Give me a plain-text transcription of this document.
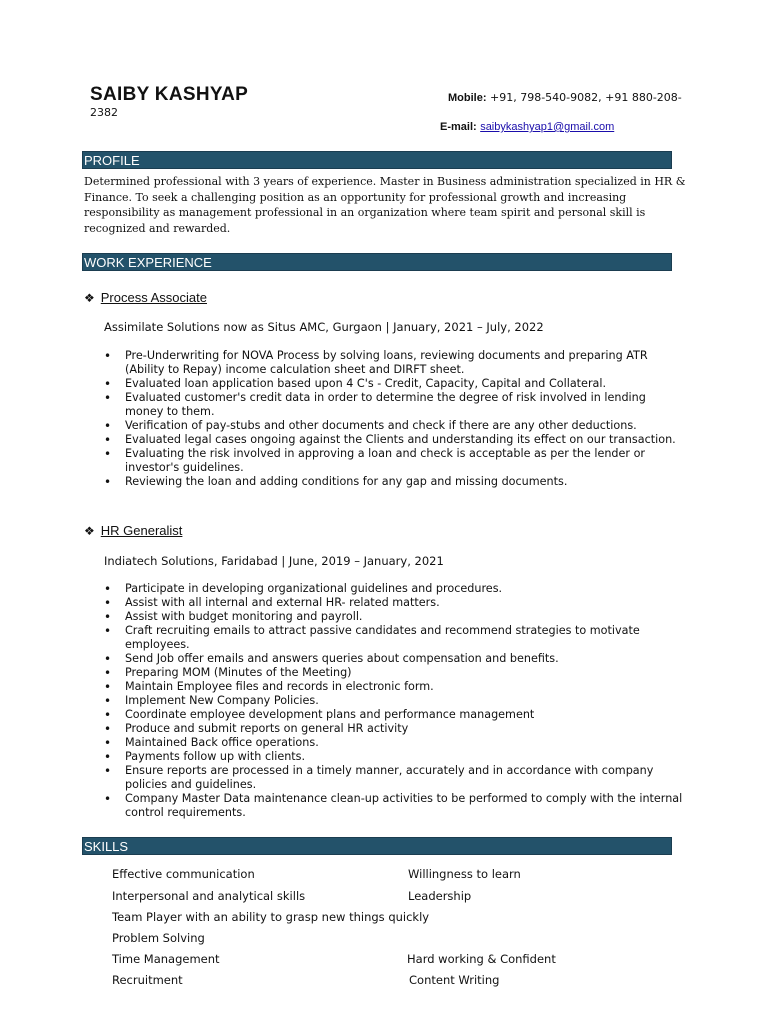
SAIBY KASHYAP	Mobile: +91, 798-540-9082, +91 880-208-
2382
E-mail: saibykashyap1@gmail.com
PROFILE
Determined professional with 3 years of experience. Master in Business administration specialized in HR & Finance. To seek a challenging position as an opportunity for professional growth and increasing responsibility as management professional in an organization where team spirit and personal skill is recognized and rewarded.
WORK EXPERIENCE
❖ Process Associate
Assimilate Solutions now as Situs AMC, Gurgaon | January, 2021 – July, 2022
• Pre-Underwriting for NOVA Process by solving loans, reviewing documents and preparing ATR (Ability to Repay) income calculation sheet and DIRFT sheet.
• Evaluated loan application based upon 4 C's - Credit, Capacity, Capital and Collateral.
• Evaluated customer's credit data in order to determine the degree of risk involved in lending money to them.
• Verification of pay-stubs and other documents and check if there are any other deductions.
• Evaluated legal cases ongoing against the Clients and understanding its effect on our transaction.
• Evaluating the risk involved in approving a loan and check is acceptable as per the lender or investor's guidelines.
• Reviewing the loan and adding conditions for any gap and missing documents.
❖ HR Generalist
Indiatech Solutions, Faridabad | June, 2019 – January, 2021
• Participate in developing organizational guidelines and procedures.
• Assist with all internal and external HR- related matters.
• Assist with budget monitoring and payroll.
• Craft recruiting emails to attract passive candidates and recommend strategies to motivate employees.
• Send Job offer emails and answers queries about compensation and benefits.
• Preparing MOM (Minutes of the Meeting)
• Maintain Employee files and records in electronic form.
• Implement New Company Policies.
• Coordinate employee development plans and performance management
• Produce and submit reports on general HR activity
• Maintained Back office operations.
• Payments follow up with clients.
• Ensure reports are processed in a timely manner, accurately and in accordance with company policies and guidelines.
• Company Master Data maintenance clean-up activities to be performed to comply with the internal control requirements.
SKILLS
Effective communication	Willingness to learn
Interpersonal and analytical skills	Leadership
Team Player with an ability to grasp new things quickly
Problem Solving
Time Management	Hard working & Confident
Recruitment	Content Writing
